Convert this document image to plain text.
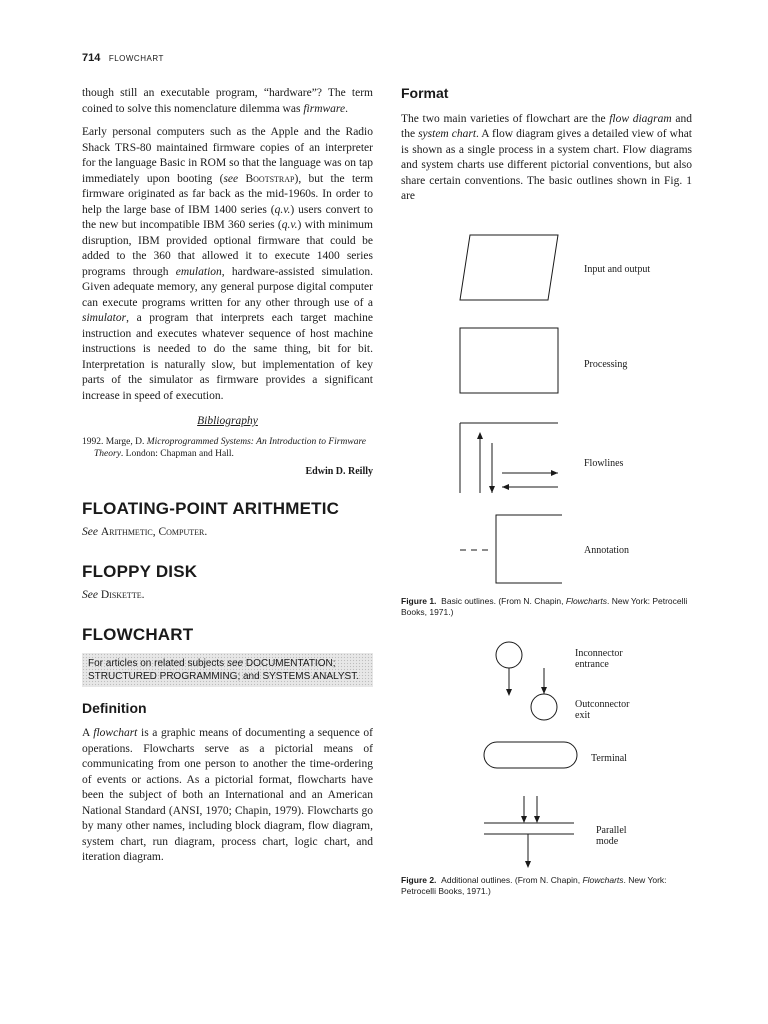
714 FLOWCHART

though still an executable program, “hardware”? The term coined to solve this nomenclature dilemma was firmware.

Early personal computers such as the Apple and the Radio Shack TRS-80 maintained firmware copies of an interpreter for the language Basic in ROM so that the language was on tap immediately upon booting (see Bootstrap), but the term firmware originated as far back as the mid-1960s. In order to help the large base of IBM 1400 series (q.v.) users convert to the new but incompatible IBM 360 series (q.v.) with minimum disruption, IBM provided optional firmware that could be added to the 360 that allowed it to execute 1400 series programs through emulation, hardware-assisted simulation. Given adequate memory, any general purpose digital computer can execute programs written for any other through use of a simulator, a program that interprets each target machine instruction and executes whatever sequence of host machine instructions is needed to do the same thing, bit for bit. Interpretation is naturally slow, but implementation of key parts of the simulator as firmware provides a significant increase in speed of execution.

Bibliography

1992. Marge, D. Microprogrammed Systems: An Introduction to Firmware Theory. London: Chapman and Hall.

Edwin D. Reilly

FLOATING-POINT ARITHMETIC

See Arithmetic, Computer.

FLOPPY DISK

See Diskette.

FLOWCHART
For articles on related subjects see DOCUMENTATION; STRUCTURED PROGRAMMING; and SYSTEMS ANALYST.
Definition

A flowchart is a graphic means of documenting a sequence of operations. Flowcharts serve as a pictorial means of communicating from one person to another the time-ordering of events or actions. As a pictorial format, flowcharts have been the subject of both an International and an American National Standard (ANSI, 1970; Chapin, 1979). Flowcharts go by many other names, including block diagram, flow diagram, system chart, run diagram, process chart, logic chart, and iteration diagram.

Format

The two main varieties of flowchart are the flow diagram and the system chart. A flow diagram gives a detailed view of what is shown as a single process in a system chart. Flow diagrams and system charts use different pictorial conventions, but also share certain conventions. The basic outlines shown in Fig. 1 are

Input and output
Processing
Flowlines
Annotation
Figure 1. Basic outlines. (From N. Chapin, Flowcharts. New York: Petrocelli Books, 1971.)
Inconnector
entrance
Outconnector
exit
Terminal
Parallel
mode
Figure 2. Additional outlines. (From N. Chapin, Flowcharts. New York: Petrocelli Books, 1971.)
